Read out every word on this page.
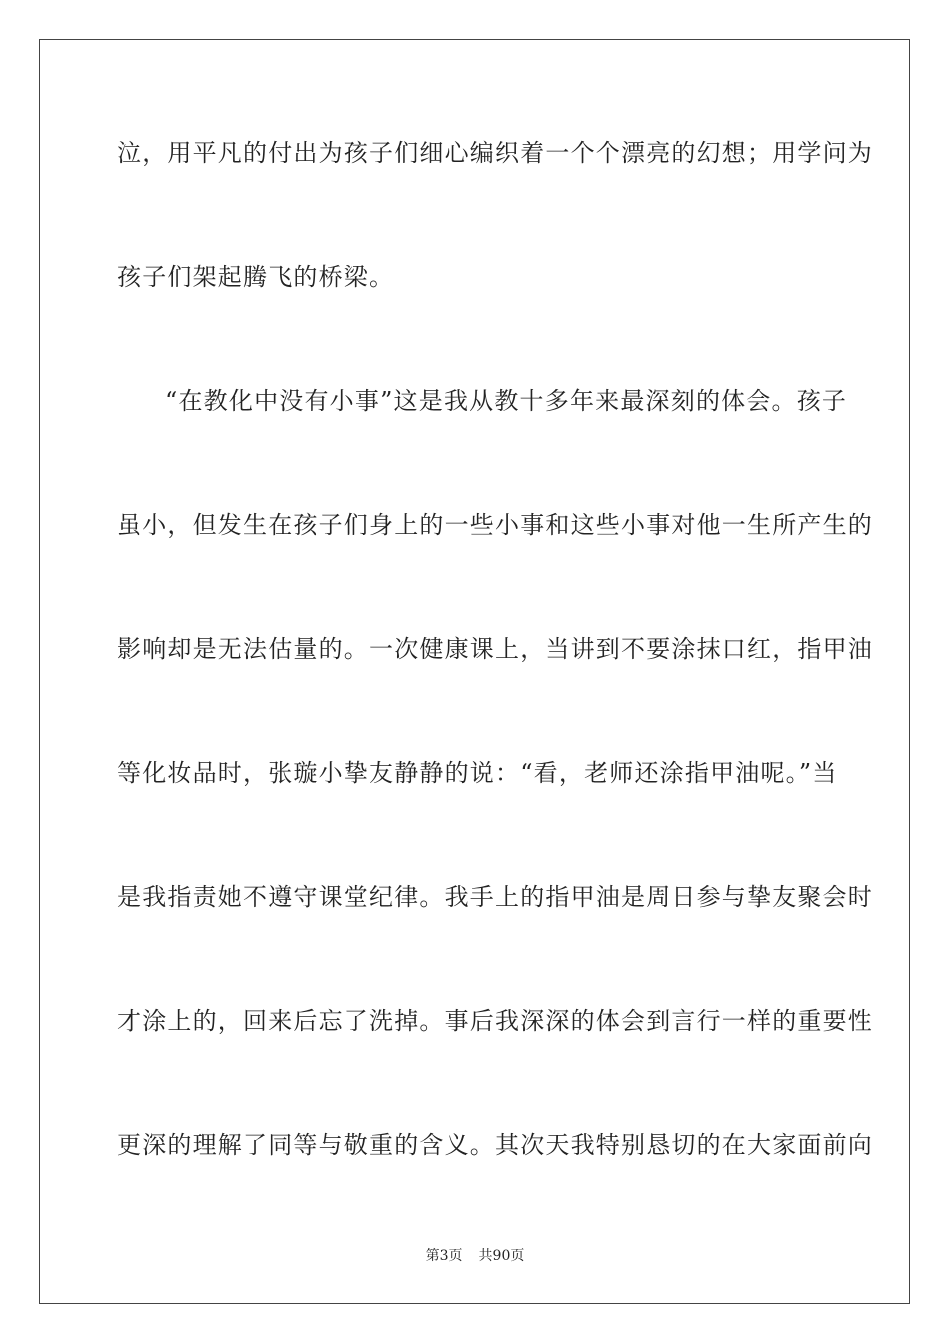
泣，用平凡的付出为孩子们细心编织着一个个漂亮的幻想；用学问为
孩子们架起腾飞的桥梁。
“在教化中没有小事”这是我从教十多年来最深刻的体会。孩子
虽小，但发生在孩子们身上的一些小事和这些小事对他一生所产生的
影响却是无法估量的。一次健康课上，当讲到不要涂抹口红，指甲油
等化妆品时，张璇小挚友静静的说：“看，老师还涂指甲油呢。”当
是我指责她不遵守课堂纪律。我手上的指甲油是周日参与挚友聚会时
才涂上的，回来后忘了洗掉。事后我深深的体会到言行一样的重要性
更深的理解了同等与敬重的含义。其次天我特别恳切的在大家面前向
第3页 共90页
